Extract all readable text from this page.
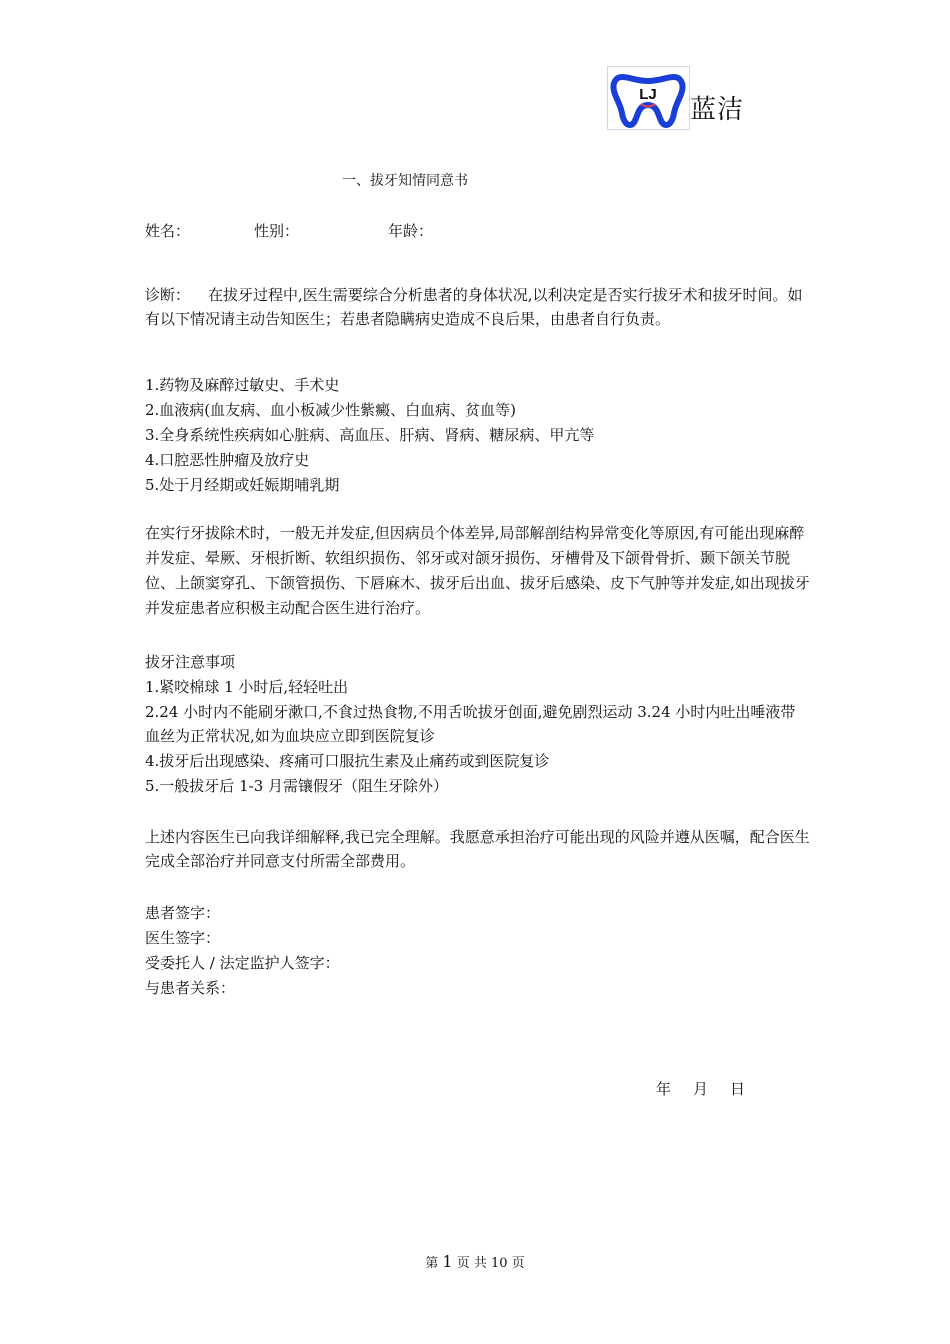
LJ
蓝洁
一、拔牙知情同意书
姓名：	性别：	年龄：
诊断： 在拔牙过程中,医生需要综合分析患者的身体状况,以利决定是否实行拔牙术和拔牙时间。如有以下情况请主动告知医生；若患者隐瞒病史造成不良后果，由患者自行负责。
1.药物及麻醉过敏史、手术史
2.血液病(血友病、血小板减少性紫癜、白血病、贫血等)
3.全身系统性疾病如心脏病、高血压、肝病、肾病、糖尿病、甲亢等
4.口腔恶性肿瘤及放疗史
5.处于月经期或妊娠期哺乳期
在实行牙拔除术时，一般无并发症,但因病员个体差异,局部解剖结构异常变化等原因,有可能出现麻醉并发症、晕厥、牙根折断、软组织损伤、邻牙或对颌牙损伤、牙槽骨及下颌骨骨折、颞下颌关节脱位、上颌窦穿孔、下颌管损伤、下唇麻木、拔牙后出血、拔牙后感染、皮下气肿等并发症,如出现拔牙并发症患者应积极主动配合医生进行治疗。
拔牙注意事项
1.紧咬棉球 1 小时后,轻轻吐出
2.24 小时内不能刷牙漱口,不食过热食物,不用舌吮拔牙创面,避免剧烈运动 3.24 小时内吐出唾液带血丝为正常状况,如为血块应立即到医院复诊
4.拔牙后出现感染、疼痛可口服抗生素及止痛药或到医院复诊
5.一般拔牙后 1-3 月需镶假牙（阻生牙除外）
上述内容医生已向我详细解释,我已完全理解。我愿意承担治疗可能出现的风险并遵从医嘱，配合医生完成全部治疗并同意支付所需全部费用。
患者签字：
医生签字：
受委托人 / 法定监护人签字：
与患者关系：
年 月 日
第 1 页 共 10 页
